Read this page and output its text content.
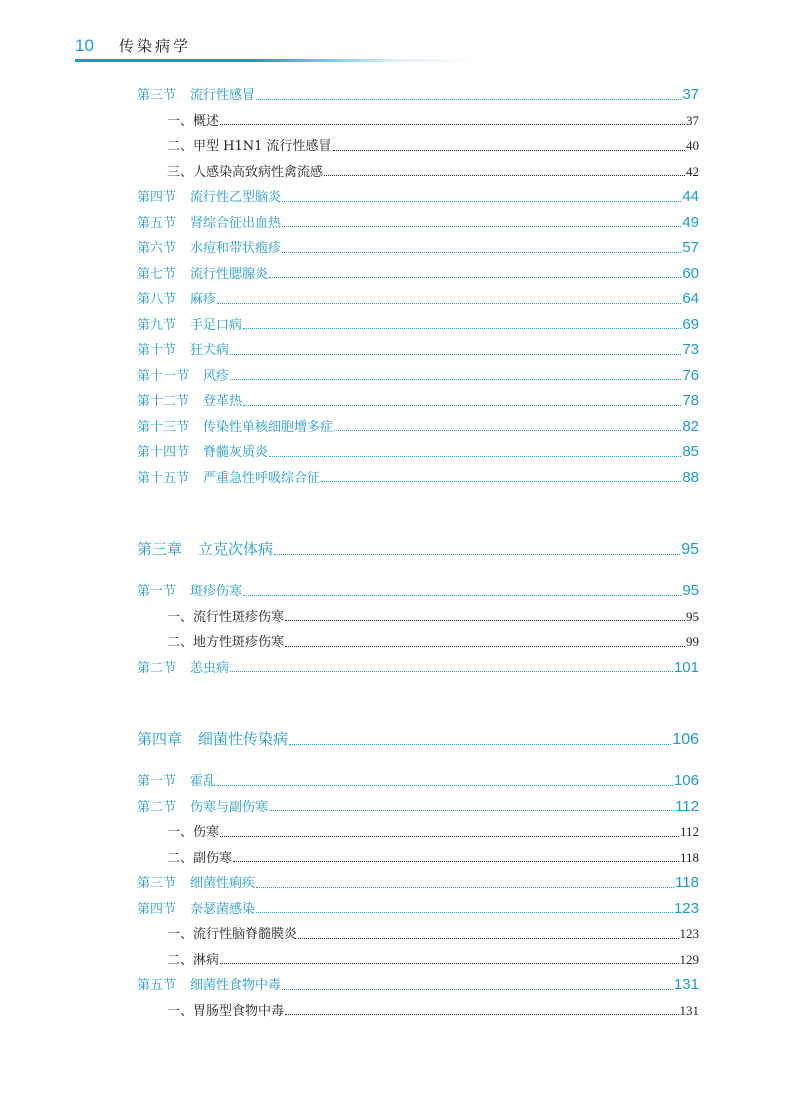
10 传染病学
第三节 流行性感冒	37
一、概述	37
二、甲型 H1N1 流行性感冒	40
三、人感染高致病性禽流感	42
第四节 流行性乙型脑炎	44
第五节 肾综合征出血热	49
第六节 水痘和带状疱疹	57
第七节 流行性腮腺炎	60
第八节 麻疹	64
第九节 手足口病	69
第十节 狂犬病	73
第十一节 风疹	76
第十二节 登革热	78
第十三节 传染性单核细胞增多症	82
第十四节 脊髓灰质炎	85
第十五节 严重急性呼吸综合征	88
第三章 立克次体病	95
第一节 斑疹伤寒	95
一、流行性斑疹伤寒	95
二、地方性斑疹伤寒	99
第二节 恙虫病	101
第四章 细菌性传染病	106
第一节 霍乱	106
第二节 伤寒与副伤寒	112
一、伤寒	112
二、副伤寒	118
第三节 细菌性痢疾	118
第四节 奈瑟菌感染	123
一、流行性脑脊髓膜炎	123
二、淋病	129
第五节 细菌性食物中毒	131
一、胃肠型食物中毒	131
